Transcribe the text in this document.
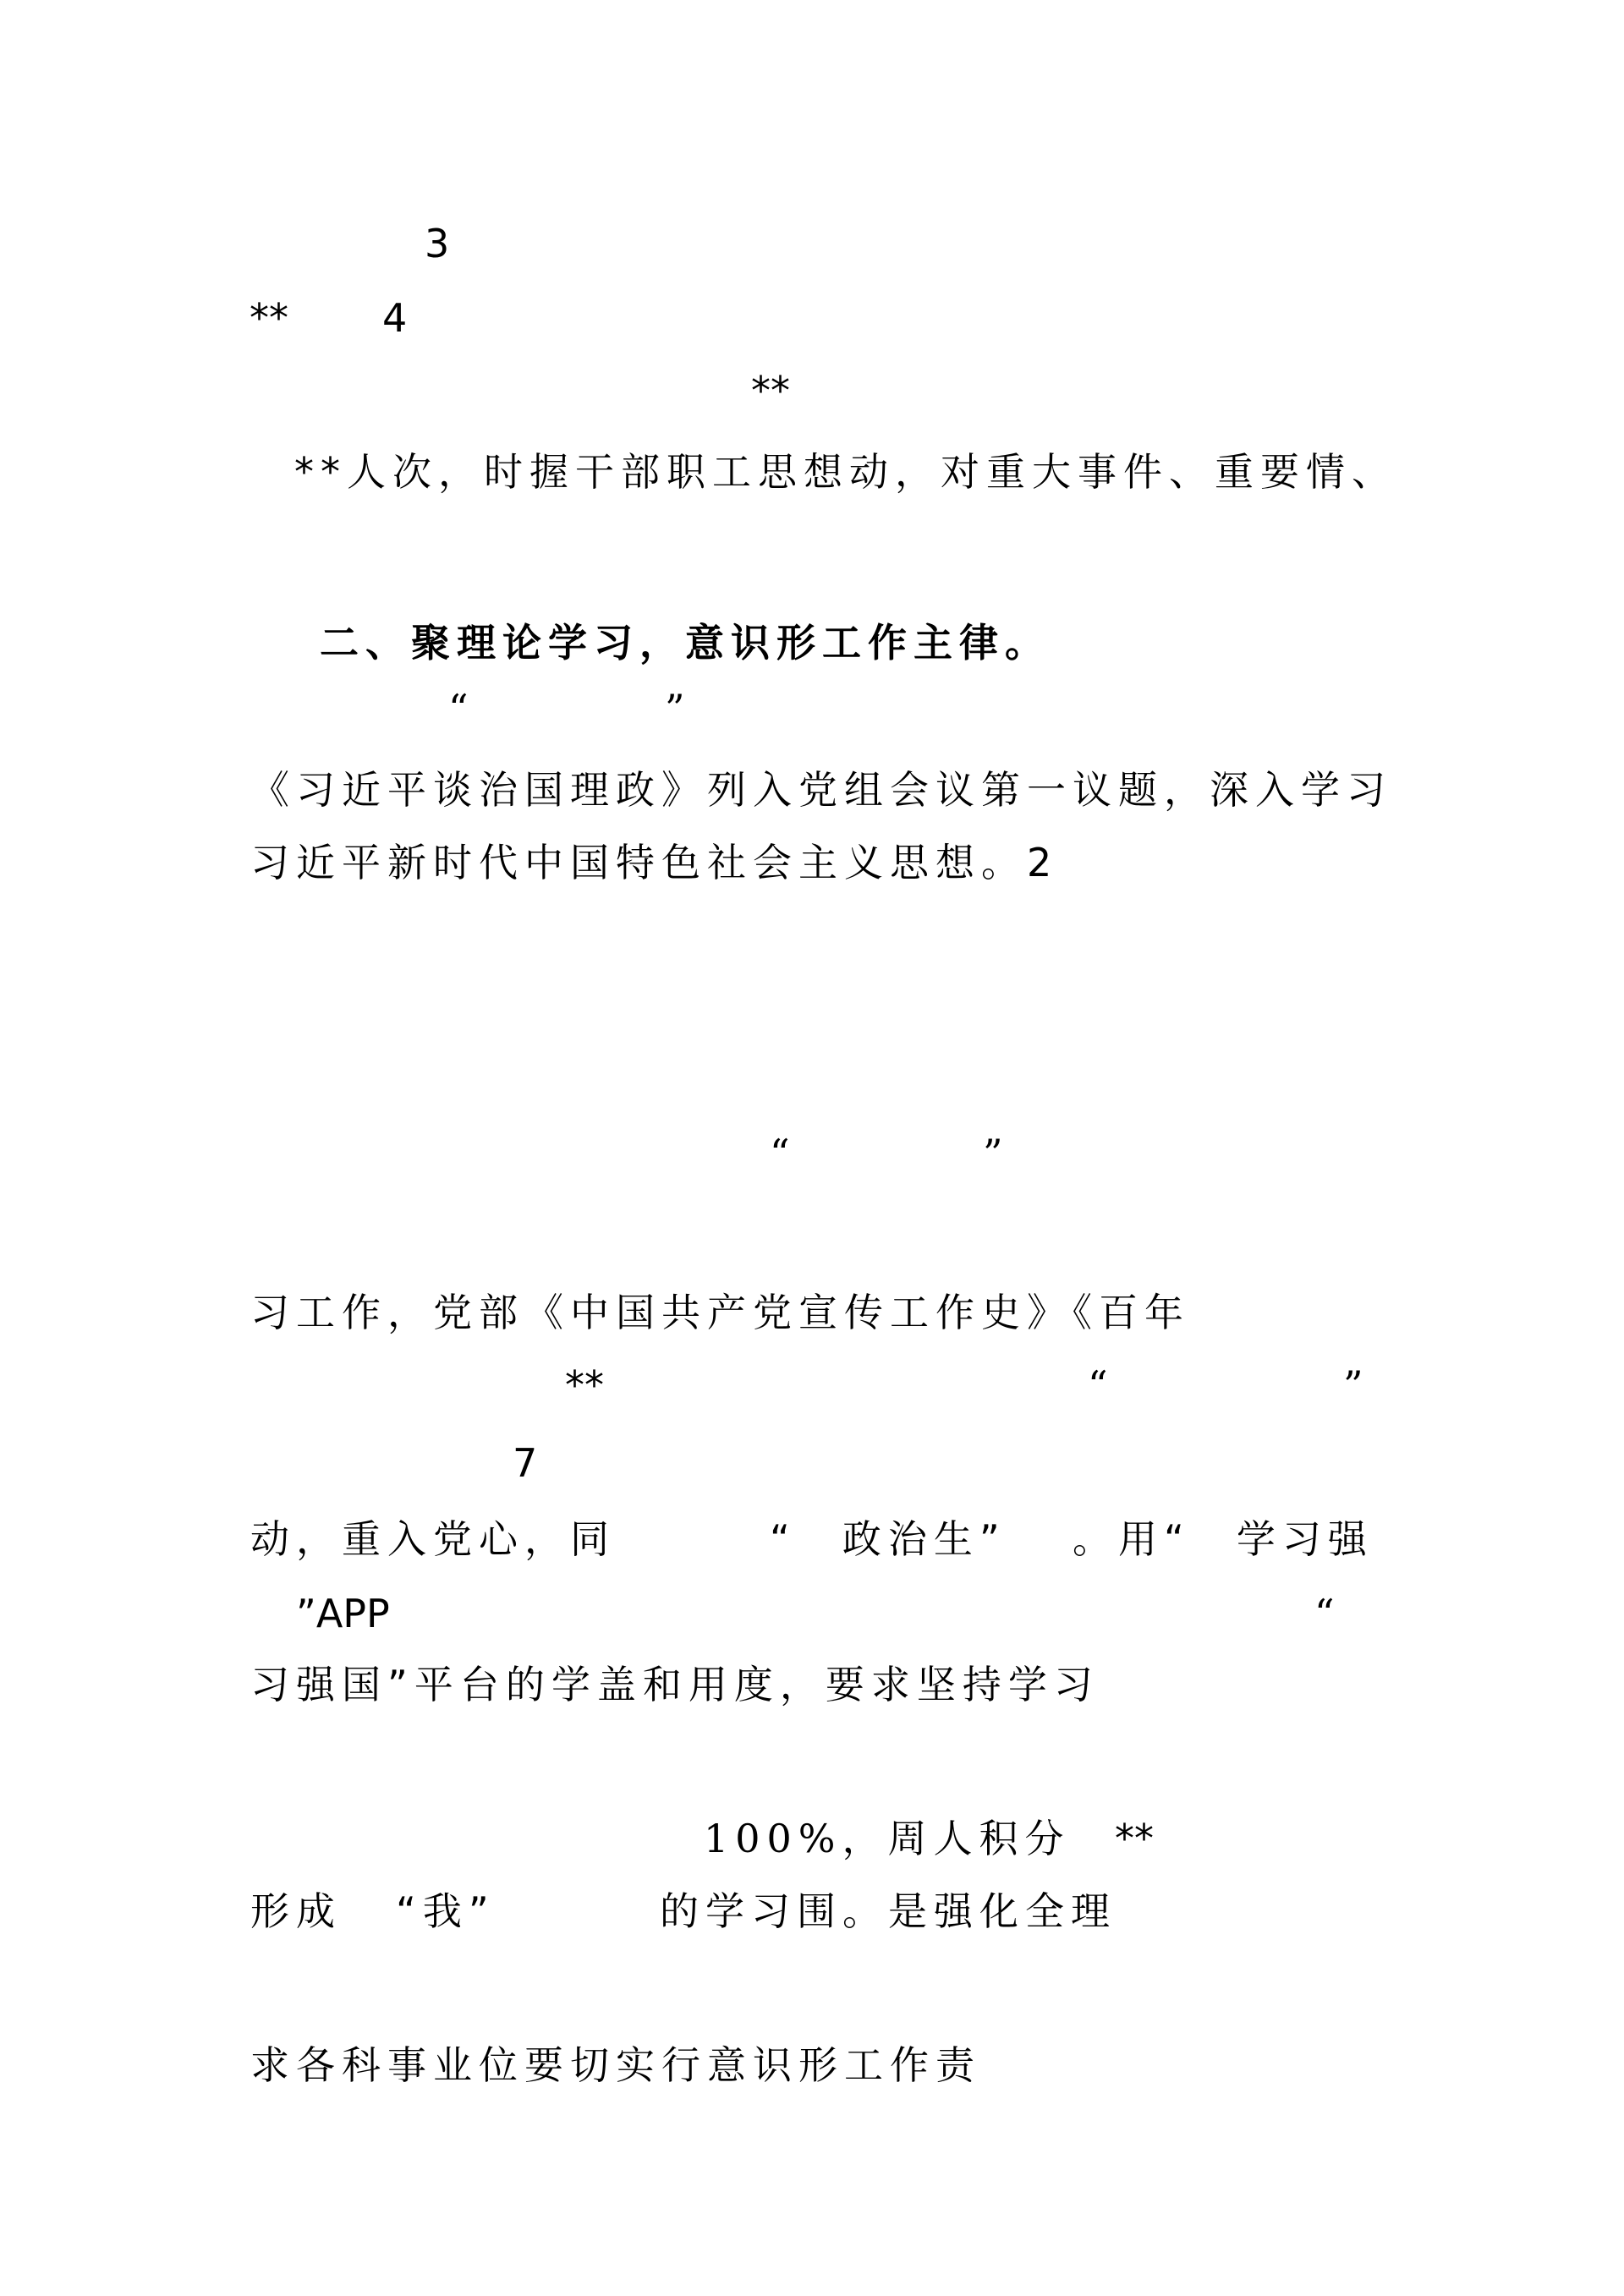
3
** 4
**
**人次，时握干部职工思想动，对重大事件、重要情、
二、聚理论学习，意识形工作主律。
“	”
《习近平谈治国理政》列入党组会议第一议题，深入学习
习近平新时代中国特色社会主义思想。2
“	”
习工作，党部《中国共产党宣传工作史》《百年
**	“	”
7
动，重入党心，同	“　政治生” 。用“　学习强
”APP	“
习强国”平台的学盖和用度，要求坚持学习
100%，周人积分 **
形成 “我”	的学习围。是强化全理
求各科事业位要切实行意识形工作责
